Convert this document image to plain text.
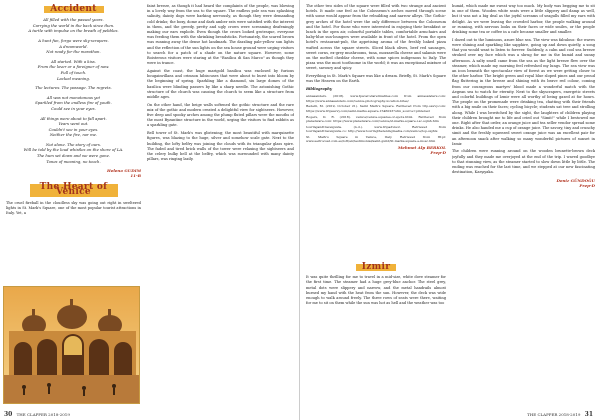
Accident
All filled with the passed years.
Carrying the world in the back since then.
A turtle with impulse on the breath of pebbles.
A hunt fun, forgo were sky-scrapers.
A dreamworld.
Not ready for the marathon.
All started. With a kiss.
From the lover or a foreigner of now.
Full of touch.
Lacked meaning.
The lectures. The passage. The regrets.
All was not monotonous yet
Sparkled from the endless fire of youth.
Could see in your eyes.
All things were about to fall apart.
Years went out.
Couldn't see in your eyes.
Neither the fire, nor me.
Not alone. The story of ours.
Will be told by the loud whistles on the shore of LA.
The hum set down and we were gone.
Tones of meaning, no touch.
Helena GUDIM
11-B
The Heart of Venice

The cruel fireball in the cloudless sky was going out right in sweltered lights in St. Mark's Square, one of the most popular tourist attractions in Italy. Yet, a

faint breeze, as though it had heard the complaints of the people, was blowing in a lovely way from the sea to the square. The endless pole sea was splashing salinity, dainty dogs were barking nervously, as though they were demanding cold drinks; the boxy, dome and dark amber rats were satisfied with the interest in them, and the greedy, pretty and ugly crows were screaming deafeningly making our ears explode. Even though the crows looked grotesque, everyone was feeding them with the shrinking breadsticks. Fortunately, the scared brown was running away the dense hot landmark. The dazzling pale-yellow sun lights and the reflection of the sun lights on the sea house ground were urging visitors to search for a patch of a shade on the nature square. However, some Boisterous visitors were staring at the "Basilica di San Marco" as though they were in trance.

Against the coast, the huge marigold basilica was enclosed by furious bougainvillaea and crimson hibiscuses that were about to burst into bloom by the beginning of spring. Sparkling like a diamond, six large domes of the basilica were blinding passers by like a sharp needle. The astonishing Gothic structure of the church was causing the church to seem like a structure from middle ages.

On the other hand, the beige walls softened the gothic structure and the rare mix of the gothic and modern created a delightful view for sightseers. However, five deep and spooky arches among the plump fluted pillars were the mouths of the most Byzantine structure in the world, urging the visitors to find rabbits as a sparkling gate.

Bell tower of St. Mark's was glistening; the most beautiful with marquinette figures, was blazing to the huge, silver and somehow scale gate. Next to the building, the lofty belfry was joining the clouds with its triangular glass spire. The faded and tired brick walls of the tower were relaxing the sightseers and the celery bulky bell at the belfry, which was surrounded with many dainty pillars, was ringing lazily.

30 THE CLAPPER 2018-2019

The other two sides of the square were filled with two strange and ancient hotels. It made one feel as the Colosseum's arches moved through scene with some would appear from the rebuilding and narrow alleys. The Gothic-grey arches of the hotel were the only difference between the Colosseum and the hotel. For those who were interested in enjoying their breakfast or lunch in the open air, colourful portable tables, comfortable armchairs and baby-blue sun-loungers were available in front of the hotel. From the open hotel's restaurant-pub, the appetising aroma of the freshly baked pizza wafted across the square streets. Sliced black olives, beef red sausages, sweet corns, ex-grey mushrooms, tuna, mozzarella cheese and salamis were on the melted cheddar cheese, with some spices indigenous to Italy. The pizza was the most toothsome in the world; it was an exceptional mixture of sweet, savoury and spicy.

Everything in St. Mark's Square was like a dream. Briefly, St. Mark's Square was the Heaven on the Earth.

Bibliography

annasanders. (2018). www.fpscarodarermatiles.com from annasanders.com: https://www.annasanders.com/venice-photography-location-bites/

Bedelli, M. (2019, October 21). Saint Mark's Square. Retrieved from trip.savvy.com: https://www.tripsavvy.com/saint-marks-square-1546023?utm_source=pinterest

Rogers, D. R. (2018). venice/venice-squares-or-spots.html. Retrieved from planetware.com: https://www.planetware.com/venice/st-marks-square-i-sc-sqmh.htm

touringandtravelguide. (n.d.). www.tripadvisor. Retrieved from touringandtravelguide.co: http://www.touringtheteningmedia.com/venice/top-sights

St. Mark's Square in Venice, Italy. Retrieved from fff.pl: www.seitrocsat.com.es/loft/en/testimonial/saint-guild/St-marks-square-e-mosc.htm

Mehmet Alp BERKOL
Prep-D
İzmir

It was quite thrilling for me to travel in a mid-size, white dove steamer for the first time. The steamer had a huge grey-blue anchor. The steel grey, metal dots were slippery and narrow, and the metal handrails almost burned my hand with the heat from the sun. However, the deck was wide enough to walk around freely. The three rows of seats were there, waiting for me to sit on them while the sun was hot as hell and the weather was too

humid, which made me sweat way too much. My body was begging me to sit in one of them. Wooden white seats were a little slippery and damp as well, but it was not a big deal as the joyful screams of seagulls filled my ears with delight. As we were leaving the crowded harbor, the people walking around or running, with nervous looks on their faces or wide smiles, or the people drinking some tea or coffee in a cafe became smaller and smaller.

I dozed out to the luminous, azure blue sea. The view was fabulous: the waves were shining and sparkling like sapphire, going up and down quietly, a song that you would want to listen to forever. Suddenly, a calm and cool sea breeze stroked over my face which was a shrug for me in the humid and sunny afternoon. A salty smell came from the sea as the light breeze flew over the steamer, which made my morning feel refreshed my lungs. The sea view was an icon beneath the spectacular view of forest as we were getting closer to the other harbor. The bright green and royal blue sloped pines and our proud flag fluttering in the breeze and shining with its brave red colour, coming from our courageous martyrs' blood made a wonderful match with the Aegean sea to watch for eternity. Next to the skyscrapers, energetic streets and colorful buildings of Izmir were all worthy of being gazed at for hours. The people on the promenade were drinking tea, chatting with their friends with a big smile on their faces; cycling bicycle; students sat tree and strolling along. While I was bewitched by the sight, the laughters of children playing their children brought me to life and cried out "Simit!" while I bestowed me one. Right after that order, an orange juice and tea seller vendor spread some drinks. He also handed me a cup of orange juice. The savory, tiny and crunchy simit and the freshly squeezed sweet orange juice was an excellent pair for an afternoon snack after walking so many wonderful pictures of sunset in Izmir.

The children were running around on the wooden brunette-brown deck joyfully and they made me overjoyed at the end of the trip. I waved goodbye to that stunning view, as the steamer started to slow down little by little. The ending was reached for the last time, and we stepped at our new fascinating destination, Karşıyaka.

Deniz GÜNDOĞU
Prep-D
THE CLAPPER 2018-2019 31
